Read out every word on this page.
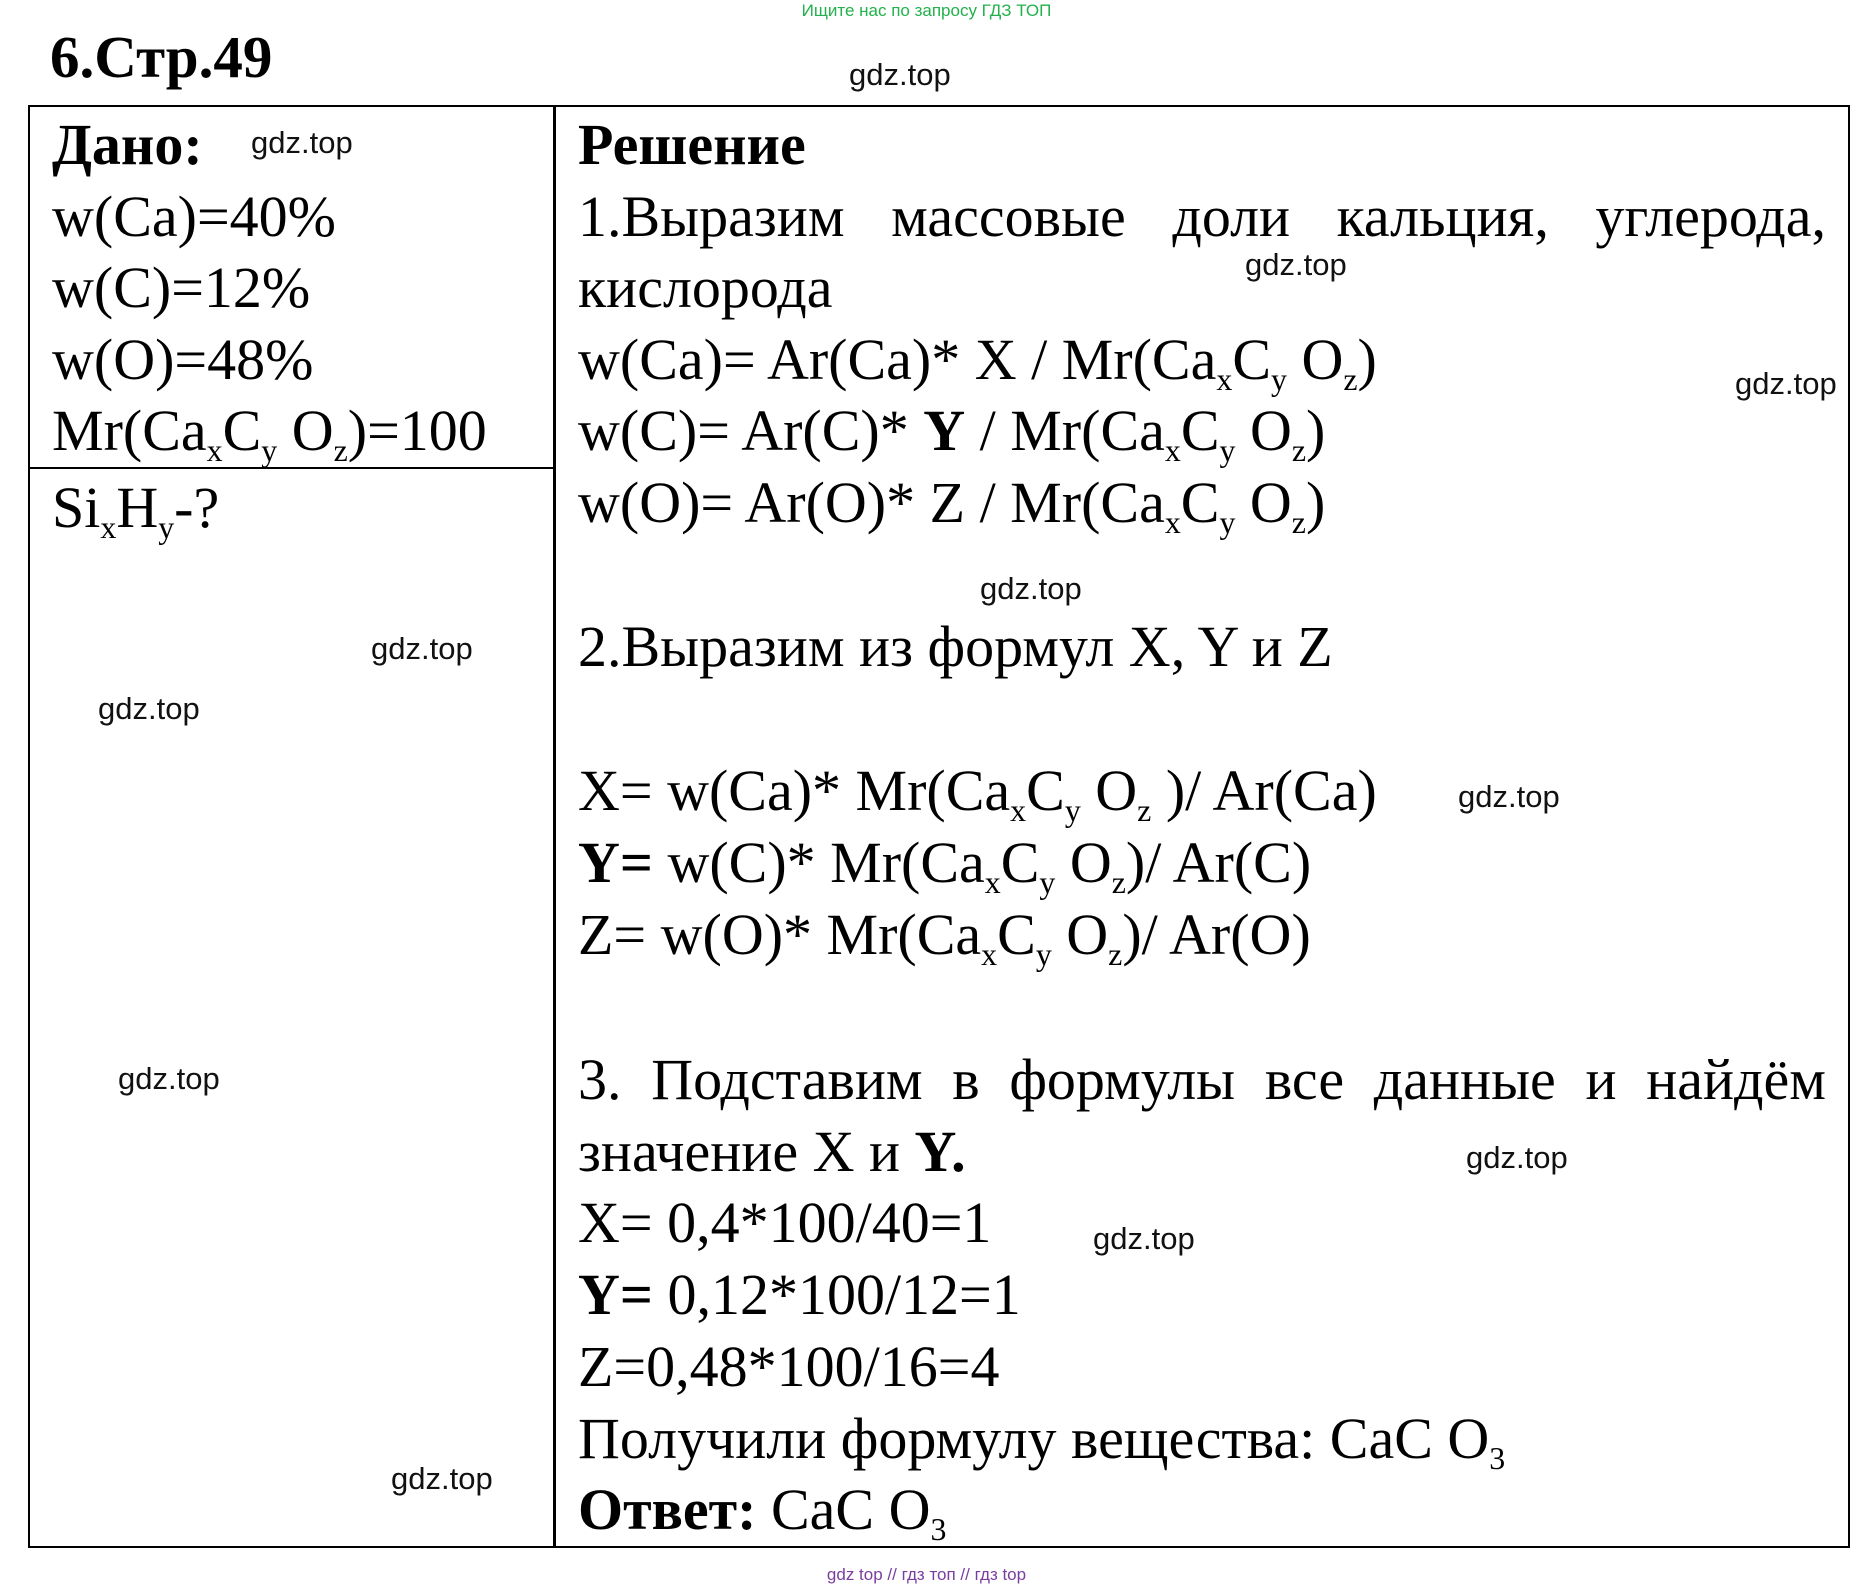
Ищите нас по запросу ГДЗ ТОП
6.Стр.49
Дано:
w(Ca)=40%
w(C)=12%
w(O)=48%
$Mr(Ca_xC_y$ $O_z)=100$
$Si_xH_y-$?
Решение
1.Выразим массовые доли кальция, углерода,
кислорода
w(Ca)= Ar(Ca)* X / $Mr(Ca_xC_y$ $O_z$)
w(C)= Ar(C)* Y / $Mr(Ca_xC_y$ $O_z$)
w(O)= Ar(O)* Z / $Mr(Ca_xC_y$ $O_z$)
2.Выразим из формул X, Y и Z
X= w(Ca)* $Mr(Ca_xC_y$ $O_z$ )/ Ar(Ca)
Y= w(C)* $Mr(Ca_xC_y$ $O_z)/$ Ar(C)
Z= w(O)* $Mr(Ca_xC_y$ $O_z)/$ Ar(O)
3. Подставим в формулы все данные и найдём
значение X и Y.
X= 0,4*100/40=1
Y= 0,12*100/12=1
Z=0,48*100/16=4
Получили формулу вещества: CaC $O_3$
Ответ: CaC $O_3$
gdz.top
gdz.top
gdz.top
gdz.top
gdz.top
gdz.top
gdz.top
gdz.top
gdz.top
gdz.top
gdz.top
gdz.top
gdz top // гдз топ // гдз top
